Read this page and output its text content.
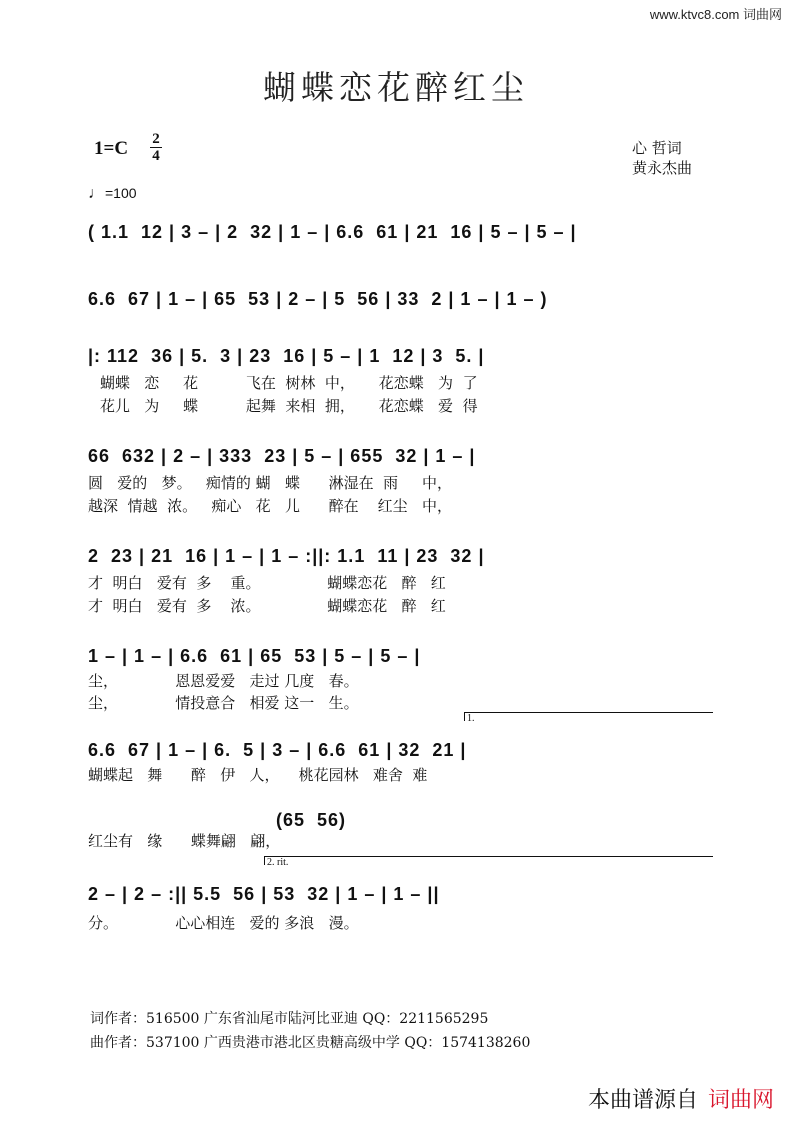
www.ktvc8.com 词曲网
蝴蝶恋花醉红尘
1=C 2
4	心 哲词
黄永杰曲
♩=100
( 1.1  12 | 3 – | 2  32 | 1 – | 6.6  61 | 21  16 | 5 – | 5 – |
6.6  67 | 1 – | 65  53 | 2 – | 5  56 | 33  2 | 1 – | 1 – )
|: 112  36 | 5.  3 | 23  16 | 5 – | 1  12 | 3  5. |
蝴蝶   恋     花          飞在  树林  中，     花恋蝶   为  了
花儿   为     蝶          起舞  来相  拥，     花恋蝶   爱  得
66  632 | 2 – | 333  23 | 5 – | 655  32 | 1 – |
圆   爱的   梦。   痴情的 蝴   蝶      淋湿在  雨     中，
越深  情越  浓。   痴心   花   儿      醉在    红尘   中，
2  23 | 21  16 | 1 – | 1 – :||: 1.1  11 | 23  32 |
才  明白   爱有  多    重。              蝴蝶恋花   醉   红
才  明白   爱有  多    浓。              蝴蝶恋花   醉   红
1 – | 1 – | 6.6  61 | 65  53 | 5 – | 5 – |
尘，            恩恩爱爱   走过 几度   春。
尘，            情投意合   相爱 这一   生。
1.
6.6  67 | 1 – | 6.  5 | 3 – | 6.6  61 | 32  21 |
蝴蝶起   舞      醉   伊   人，    桃花园林   难舍  难
(65  56)
红尘有   缘      蝶舞翩   翩，
2. rit.
2 – | 2 – :|| 5.5  56 | 53  32 | 1 – | 1 – ||
分。            心心相连   爱的 多浪   漫。
词作者：516500 广东省汕尾市陆河比亚迪 QQ：2211565295
曲作者：537100 广西贵港市港北区贵糖高级中学 QQ：1574138260
本曲谱源自 词曲网
